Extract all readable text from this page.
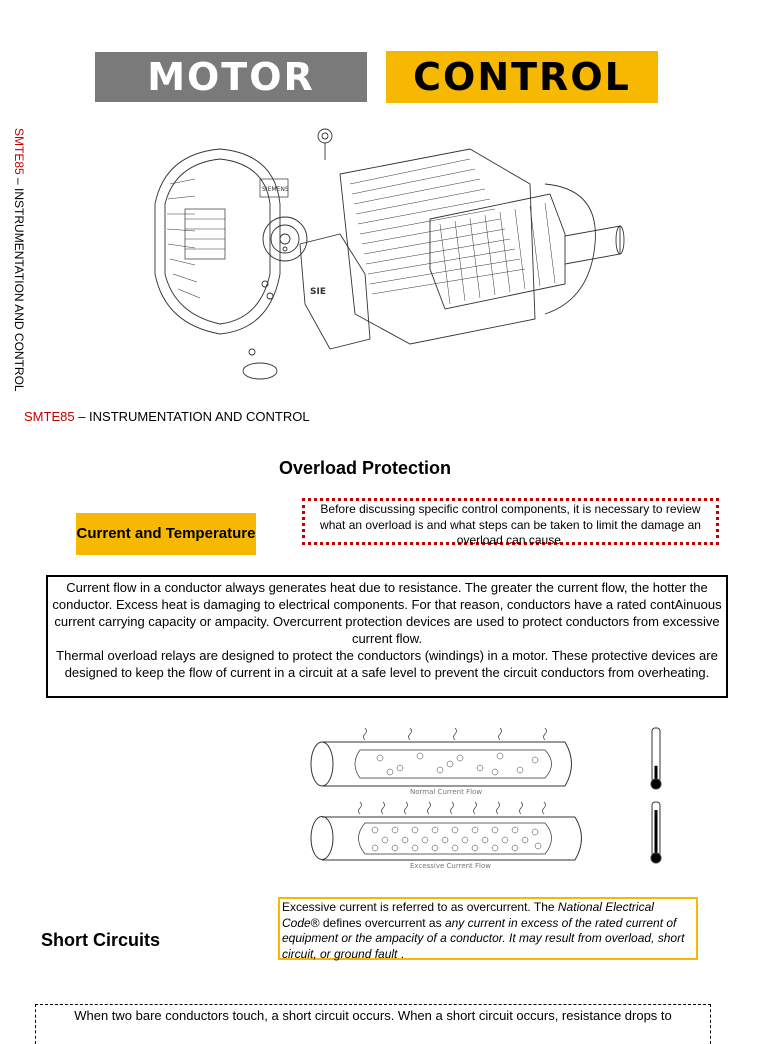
MOTOR	CONTROL
SMTE85 – INSTRUMENTATION AND CONTROL	SIEMENS
SIE
SMTE85 – INSTRUMENTATION AND CONTROL
Overload Protection
Current and Temperature
Before discussing specific control components, it is necessary to review what an overload is and what steps can be taken to limit the damage an overload can cause.

Current flow in a conductor always generates heat due to resistance. The greater the current flow, the hotter the conductor. Excess heat is damaging to electrical components. For that reason, conductors have a rated contAinuous current carrying capacity or ampacity. Overcurrent protection devices are used to protect conductors from excessive current flow.

Thermal overload relays are designed to protect the conductors (windings) in a motor. These protective devices are designed to keep the flow of current in a circuit at a safe level to prevent the circuit conductors from overheating.

Normal Current Flow
Excessive Current Flow
Excessive current is referred to as overcurrent. The National Electrical Code® defines overcurrent as any current in excess of the rated current of equipment or the ampacity of a conductor. It may result from overload, short circuit, or ground fault .
Short Circuits
When two bare conductors touch, a short circuit occurs. When a short circuit occurs, resistance drops to
